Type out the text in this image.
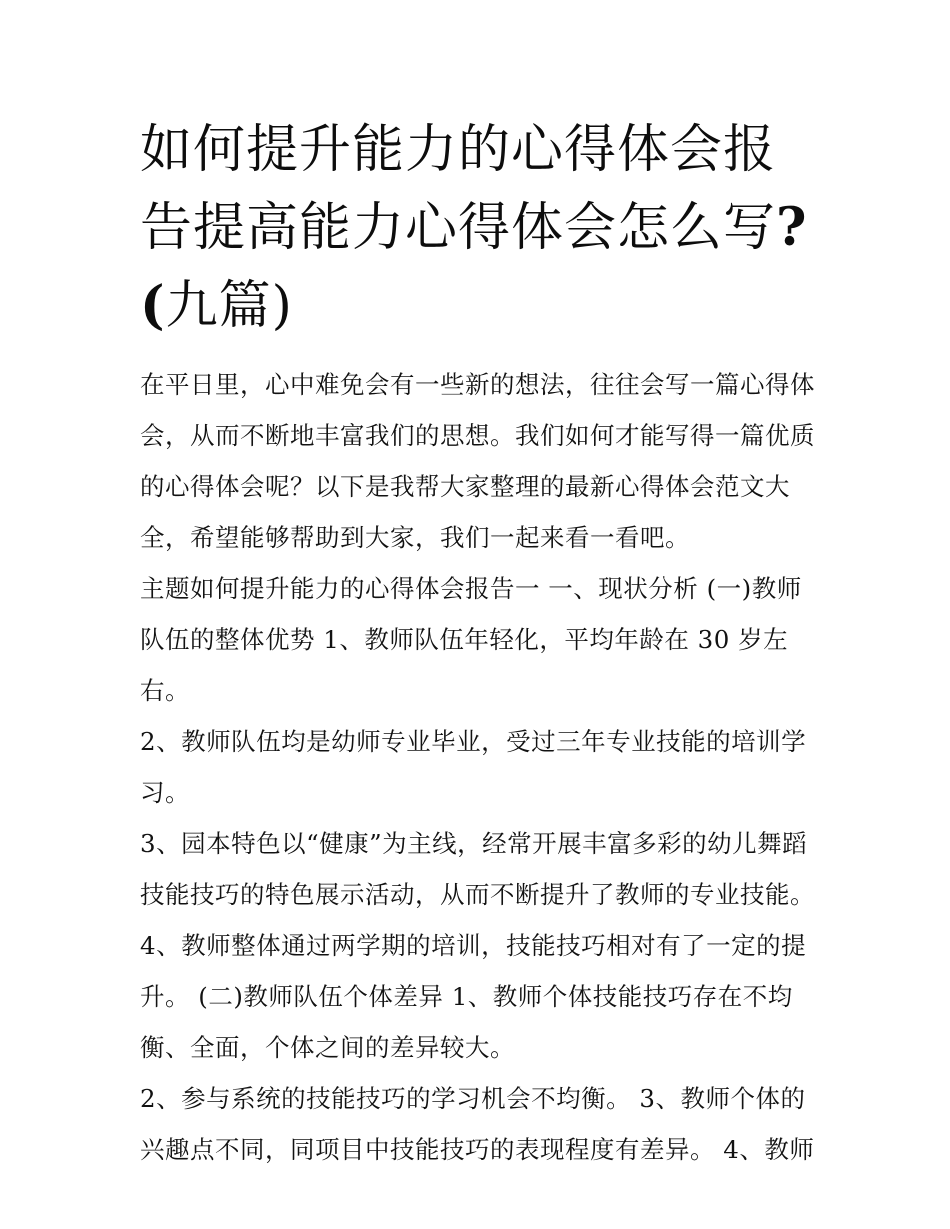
如何提升能力的心得体会报告提高能力心得体会怎么写?(九篇)

在平日里，心中难免会有一些新的想法，往往会写一篇心得体会，从而不断地丰富我们的思想。我们如何才能写得一篇优质的心得体会呢？以下是我帮大家整理的最新心得体会范文大全，希望能够帮助到大家，我们一起来看一看吧。

主题如何提升能力的心得体会报告一 一、现状分析 (一)教师队伍的整体优势 1、教师队伍年轻化，平均年龄在 30 岁左右。

2、教师队伍均是幼师专业毕业，受过三年专业技能的培训学习。

3、园本特色以“健康”为主线，经常开展丰富多彩的幼儿舞蹈技能技巧的特色展示活动，从而不断提升了教师的专业技能。

4、教师整体通过两学期的培训，技能技巧相对有了一定的提升。 (二)教师队伍个体差异 1、教师个体技能技巧存在不均衡、全面，个体之间的差异较大。

2、参与系统的技能技巧的学习机会不均衡。 3、教师个体的兴趣点不同，同项目中技能技巧的表现程度有差异。 4、教师
